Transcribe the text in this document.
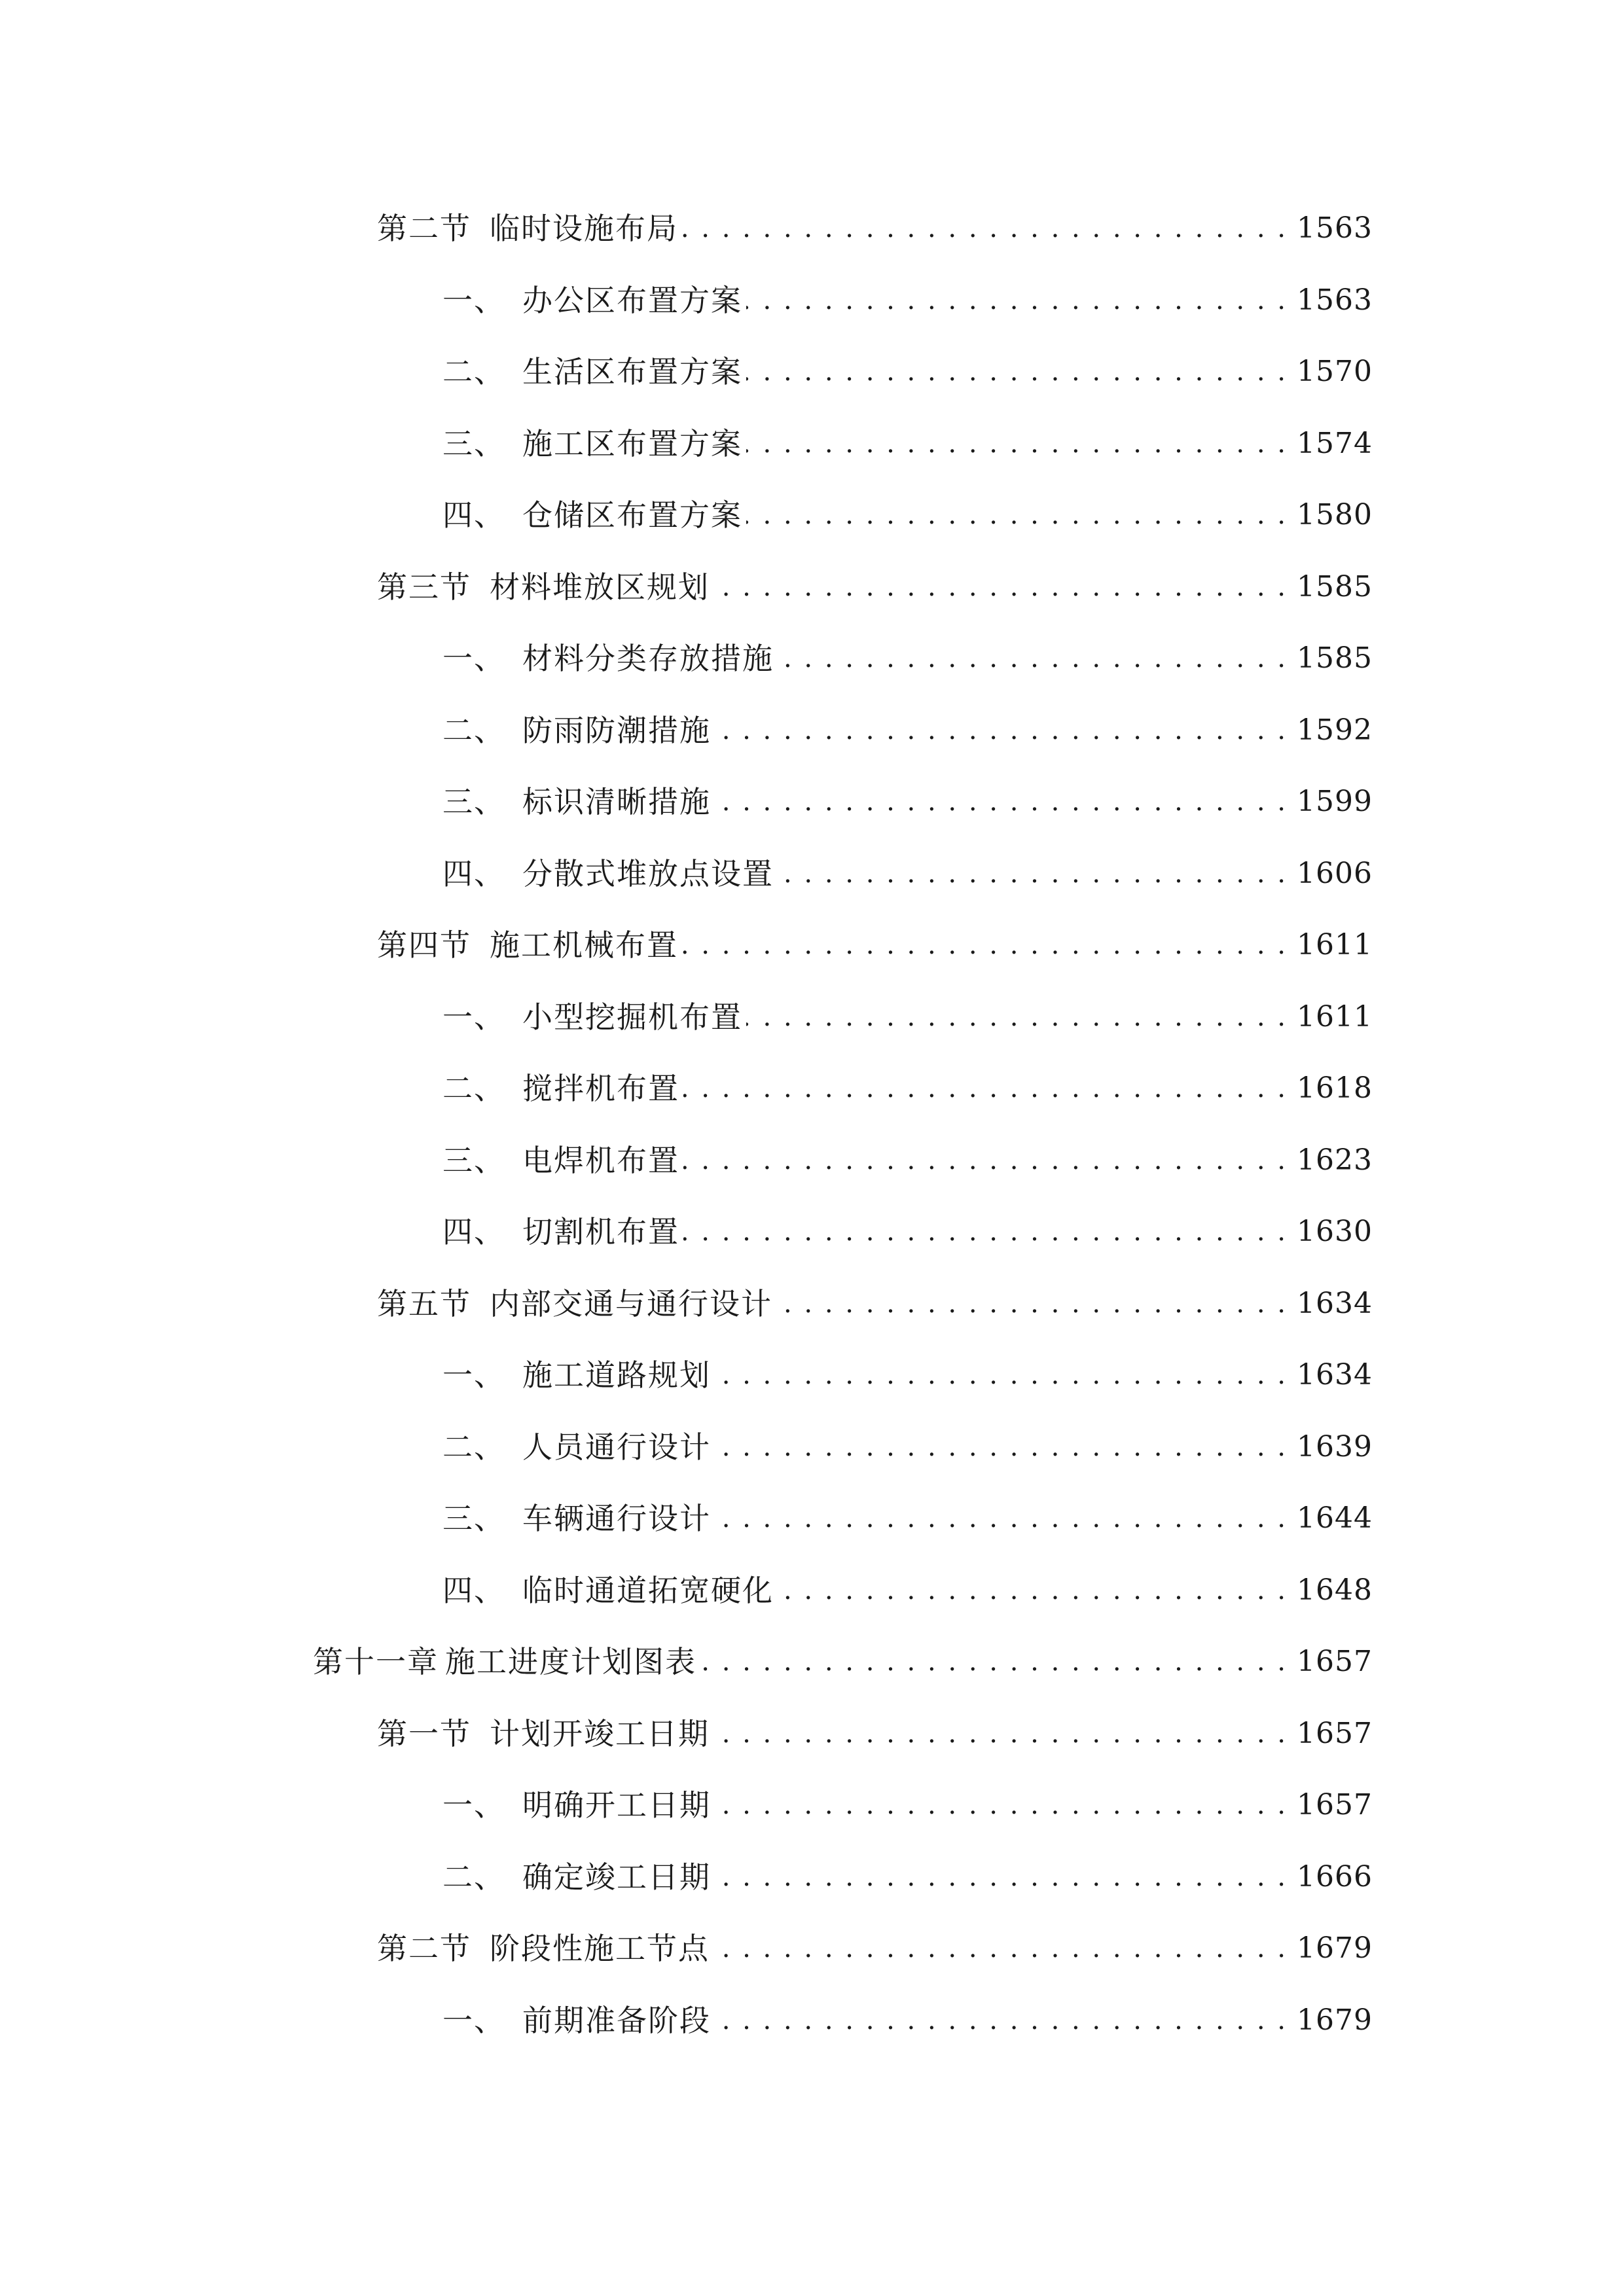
第二节 临时设施布局 . . .	1563
一、 办公区布置方案 . . .	1563
二、 生活区布置方案 . . .	1570
三、 施工区布置方案 . . .	1574
四、 仓储区布置方案 . . .	1580
第三节 材料堆放区规划 . . .	1585
一、 材料分类存放措施 . . .	1585
二、 防雨防潮措施 . . .	1592
三、 标识清晰措施 . . .	1599
四、 分散式堆放点设置 . . .	1606
第四节 施工机械布置 . . .	1611
一、 小型挖掘机布置 . . .	1611
二、 搅拌机布置 . . .	1618
三、 电焊机布置 . . .	1623
四、 切割机布置 . . .	1630
第五节 内部交通与通行设计 . . .	1634
一、 施工道路规划 . . .	1634
二、 人员通行设计 . . .	1639
三、 车辆通行设计 . . .	1644
四、 临时通道拓宽硬化 . . .	1648
第十一章 施工进度计划图表 . . .	1657
第一节 计划开竣工日期 . . .	1657
一、 明确开工日期 . . .	1657
二、 确定竣工日期 . . .	1666
第二节 阶段性施工节点 . . .	1679
一、 前期准备阶段 . . .	1679
